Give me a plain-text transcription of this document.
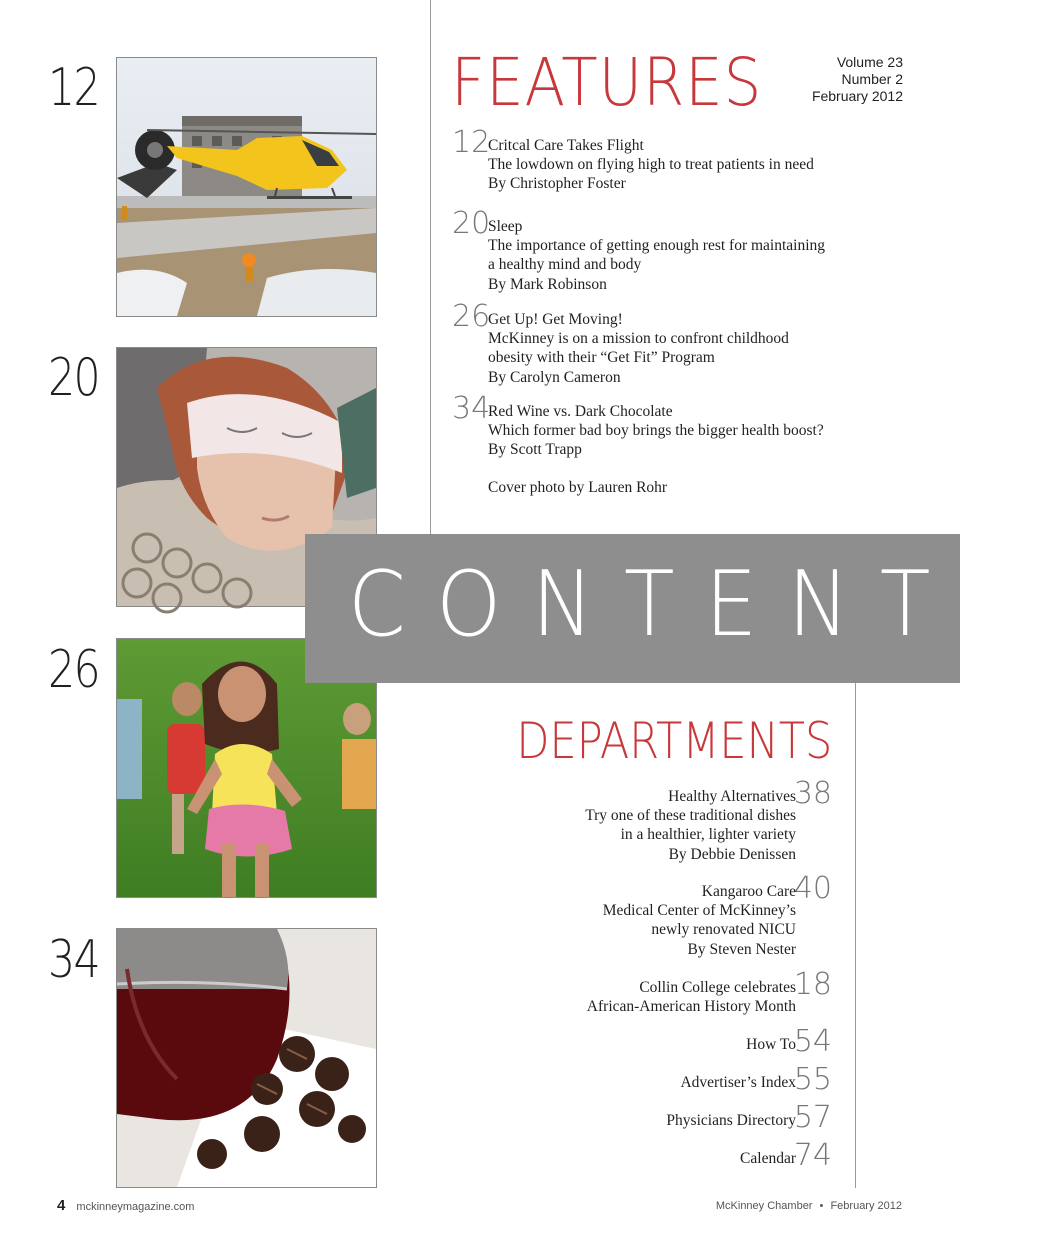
12
20
26
34
FEATURES	Volume 23
Number 2
February 2012
12
Critcal Care Takes Flight
The lowdown on flying high to treat patients in need
By Christopher Foster
20
Sleep
The importance of getting enough rest for maintaining
a healthy mind and body
By Mark Robinson
26
Get Up! Get Moving!
McKinney is on a mission to confront childhood
obesity with their “Get Fit” Program
By Carolyn Cameron
34
Red Wine vs. Dark Chocolate
Which former bad boy brings the bigger health boost?
By Scott Trapp
Cover photo by Lauren Rohr
CONTENTS
DEPARTMENTS
38
Healthy Alternatives
Try one of these traditional dishes
in a healthier, lighter variety
By Debbie Denissen
40
Kangaroo Care
Medical Center of McKinney’s
newly renovated NICU
By Steven Nester
18
Collin College celebrates
African-American History Month
54
How To
55
Advertiser’s Index
57
Physicians Directory
74
Calendar
4 mckinneymagazine.com	McKinney Chamber • February 2012
